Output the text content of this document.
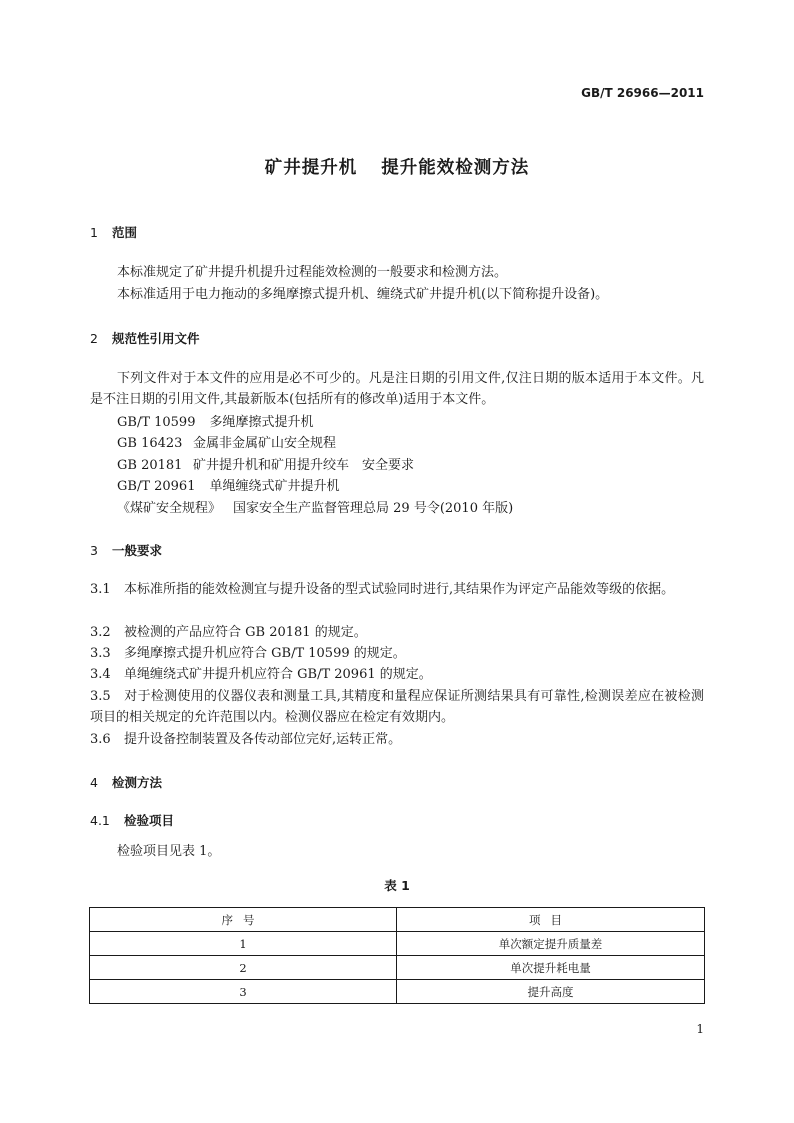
GB/T 26966—2011
矿井提升机 提升能效检测方法
1 范围
本标准规定了矿井提升机提升过程能效检测的一般要求和检测方法。
本标准适用于电力拖动的多绳摩擦式提升机、缠绕式矿井提升机(以下简称提升设备)。
2 规范性引用文件
下列文件对于本文件的应用是必不可少的。凡是注日期的引用文件,仅注日期的版本适用于本文件。凡是不注日期的引用文件,其最新版本(包括所有的修改单)适用于本文件。
GB/T 10599 多绳摩擦式提升机
GB 16423 金属非金属矿山安全规程
GB 20181 矿井提升机和矿用提升绞车　安全要求
GB/T 20961 单绳缠绕式矿井提升机
《煤矿安全规程》 国家安全生产监督管理总局 29 号令(2010 年版)
3 一般要求
3.1 本标准所指的能效检测宜与提升设备的型式试验同时进行,其结果作为评定产品能效等级的依据。
3.2 被检测的产品应符合 GB 20181 的规定。
3.3 多绳摩擦式提升机应符合 GB/T 10599 的规定。
3.4 单绳缠绕式矿井提升机应符合 GB/T 20961 的规定。
3.5 对于检测使用的仪器仪表和测量工具,其精度和量程应保证所测结果具有可靠性,检测误差应在被检测项目的相关规定的允许范围以内。检测仪器应在检定有效期内。
3.6 提升设备控制装置及各传动部位完好,运转正常。
4 检测方法
4.1 检验项目
检验项目见表 1。
表 1
序号	项目
1	单次额定提升质量差
2	单次提升耗电量
3	提升高度
1
